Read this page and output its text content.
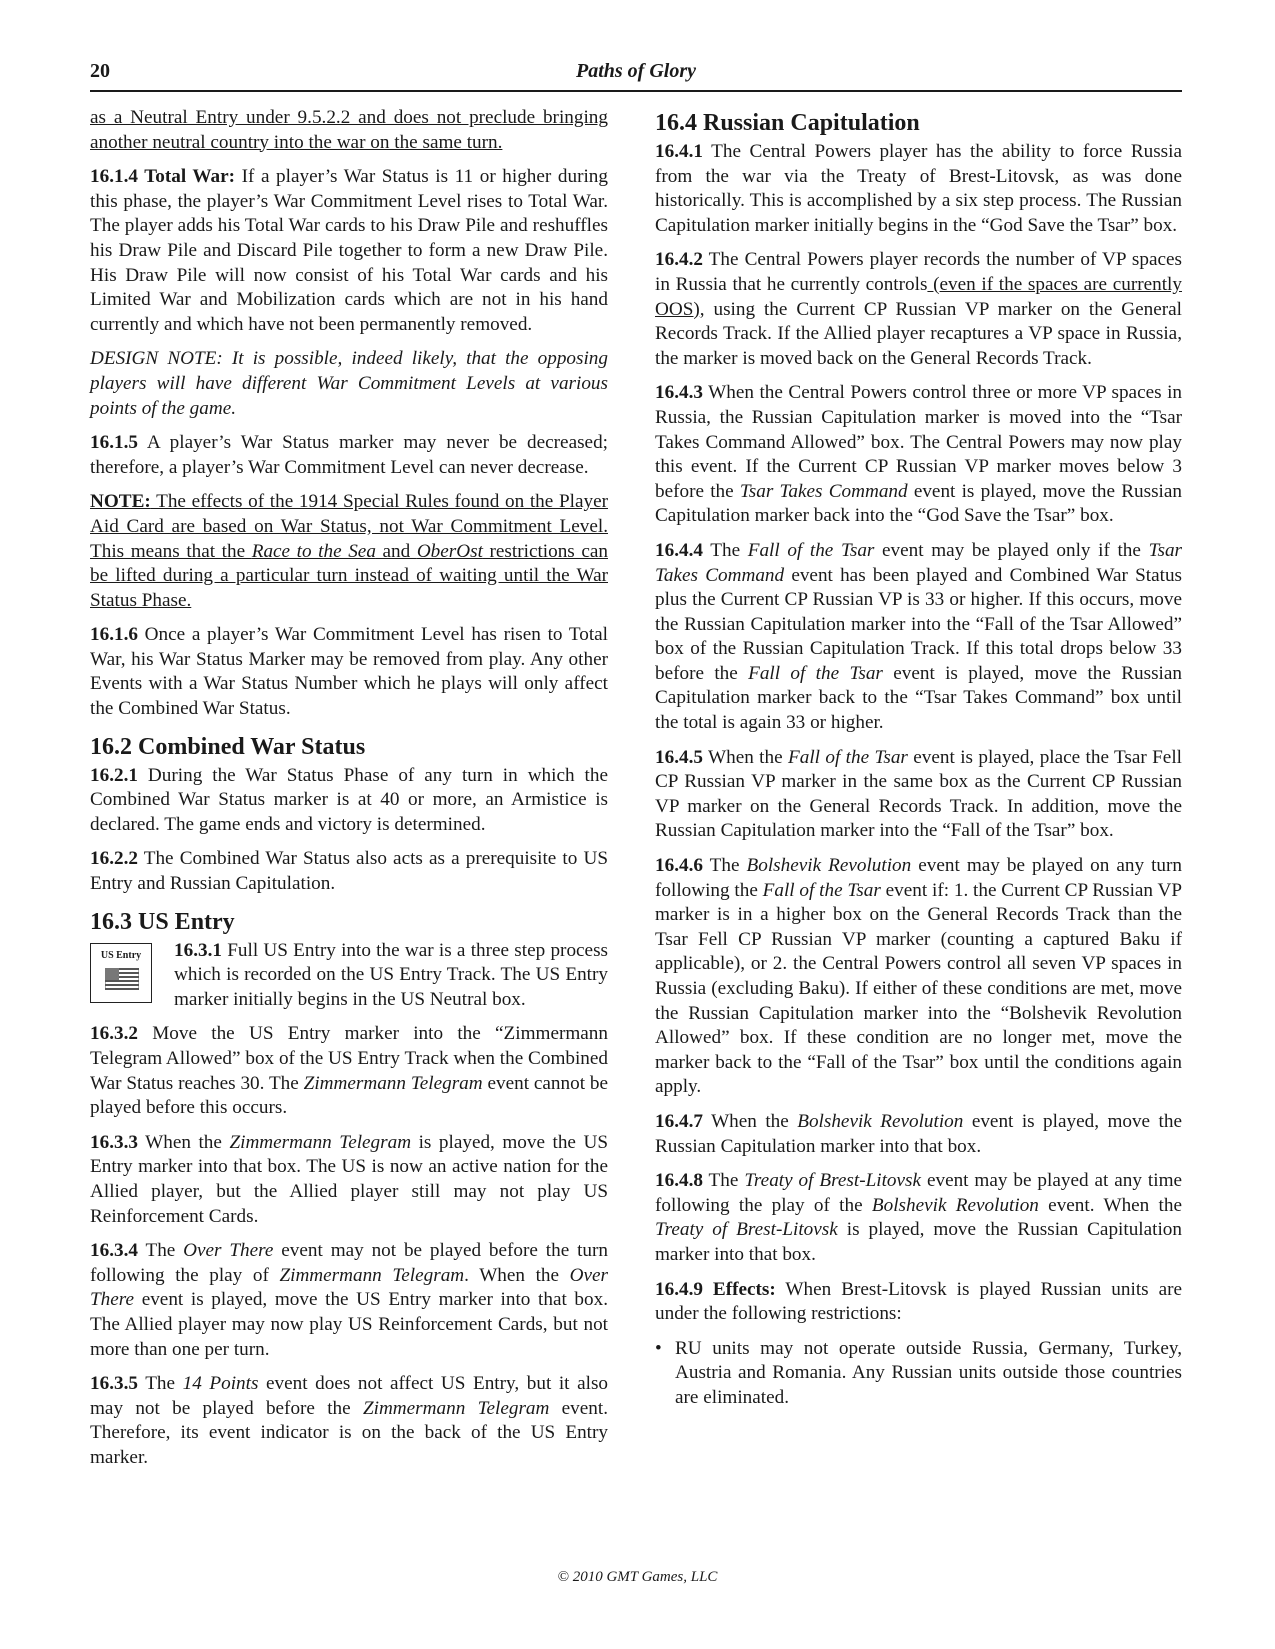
20	Paths of Glory

as a Neutral Entry under 9.5.2.2 and does not preclude bringing another neutral country into the war on the same turn.

16.1.4 Total War: If a player’s War Status is 11 or higher during this phase, the player’s War Commitment Level rises to Total War. The player adds his Total War cards to his Draw Pile and reshuffles his Draw Pile and Discard Pile together to form a new Draw Pile. His Draw Pile will now consist of his Total War cards and his Limited War and Mobilization cards which are not in his hand currently and which have not been permanently removed.

DESIGN NOTE: It is possible, indeed likely, that the opposing players will have different War Commitment Levels at various points of the game.

16.1.5 A player’s War Status marker may never be decreased; therefore, a player’s War Commitment Level can never decrease.

NOTE: The effects of the 1914 Special Rules found on the Player Aid Card are based on War Status, not War Commitment Level. This means that the Race to the Sea and OberOst restrictions can be lifted during a particular turn instead of waiting until the War Status Phase.

16.1.6 Once a player’s War Commitment Level has risen to Total War, his War Status Marker may be removed from play. Any other Events with a War Status Number which he plays will only affect the Combined War Status.

16.2 Combined War Status

16.2.1 During the War Status Phase of any turn in which the Combined War Status marker is at 40 or more, an Armistice is declared. The game ends and victory is determined.

16.2.2 The Combined War Status also acts as a prerequisite to US Entry and Russian Capitulation.

16.3 US Entry
US Entry	16.3.1 Full US Entry into the war is a three step process which is recorded on the US Entry Track. The US Entry marker initially begins in the US Neutral box.

16.3.2 Move the US Entry marker into the “Zimmermann Telegram Allowed” box of the US Entry Track when the Combined War Status reaches 30. The Zimmermann Telegram event cannot be played before this occurs.

16.3.3 When the Zimmermann Telegram is played, move the US Entry marker into that box. The US is now an active nation for the Allied player, but the Allied player still may not play US Reinforcement Cards.

16.3.4 The Over There event may not be played before the turn following the play of Zimmermann Telegram. When the Over There event is played, move the US Entry marker into that box. The Allied player may now play US Reinforcement Cards, but not more than one per turn.

16.3.5 The 14 Points event does not affect US Entry, but it also may not be played before the Zimmermann Telegram event. Therefore, its event indicator is on the back of the US Entry marker.

16.4 Russian Capitulation

16.4.1 The Central Powers player has the ability to force Russia from the war via the Treaty of Brest-Litovsk, as was done historically. This is accomplished by a six step process. The Russian Capitulation marker initially begins in the “God Save the Tsar” box.

16.4.2 The Central Powers player records the number of VP spaces in Russia that he currently controls (even if the spaces are currently OOS), using the Current CP Russian VP marker on the General Records Track. If the Allied player recaptures a VP space in Russia, the marker is moved back on the General Records Track.

16.4.3 When the Central Powers control three or more VP spaces in Russia, the Russian Capitulation marker is moved into the “Tsar Takes Command Allowed” box. The Central Powers may now play this event. If the Current CP Russian VP marker moves below 3 before the Tsar Takes Command event is played, move the Russian Capitulation marker back into the “God Save the Tsar” box.

16.4.4 The Fall of the Tsar event may be played only if the Tsar Takes Command event has been played and Combined War Status plus the Current CP Russian VP is 33 or higher. If this occurs, move the Russian Capitulation marker into the “Fall of the Tsar Allowed” box of the Russian Capitulation Track. If this total drops below 33 before the Fall of the Tsar event is played, move the Russian Capitulation marker back to the “Tsar Takes Command” box until the total is again 33 or higher.

16.4.5 When the Fall of the Tsar event is played, place the Tsar Fell CP Russian VP marker in the same box as the Current CP Russian VP marker on the General Records Track. In addition, move the Russian Capitulation marker into the “Fall of the Tsar” box.

16.4.6 The Bolshevik Revolution event may be played on any turn following the Fall of the Tsar event if: 1. the Current CP Russian VP marker is in a higher box on the General Records Track than the Tsar Fell CP Russian VP marker (counting a captured Baku if applicable), or 2. the Central Powers control all seven VP spaces in Russia (excluding Baku). If either of these conditions are met, move the Russian Capitulation marker into the “Bolshevik Revolution Allowed” box. If these condition are no longer met, move the marker back to the “Fall of the Tsar” box until the conditions again apply.

16.4.7 When the Bolshevik Revolution event is played, move the Russian Capitulation marker into that box.

16.4.8 The Treaty of Brest-Litovsk event may be played at any time following the play of the Bolshevik Revolution event. When the Treaty of Brest-Litovsk is played, move the Russian Capitulation marker into that box.

16.4.9 Effects: When Brest-Litovsk is played Russian units are under the following restrictions:

• RU units may not operate outside Russia, Germany, Turkey, Austria and Romania. Any Russian units outside those countries are eliminated.
© 2010 GMT Games, LLC
